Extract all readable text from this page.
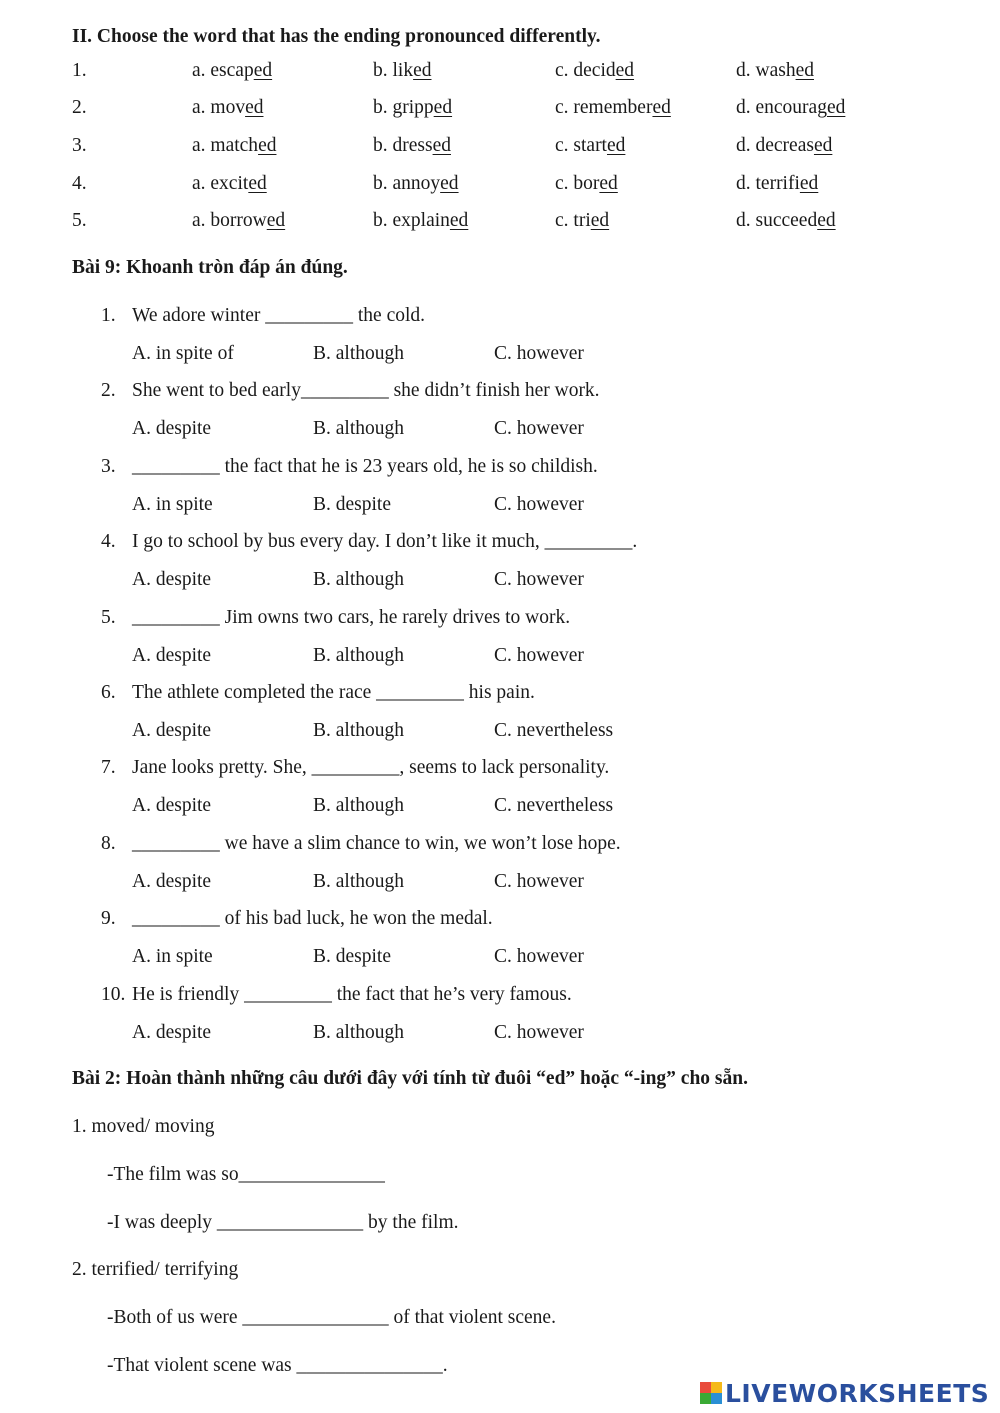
II. Choose the word that has the ending pronounced differently.
1.	a. escaped	b. liked	c. decided	d. washed
2.	a. moved	b. gripped	c. remembered	d. encouraged
3.	a. matched	b. dressed	c. started	d. decreased
4.	a. excited	b. annoyed	c. bored	d. terrified
5.	a. borrowed	b. explained	c. tried	d. succeeded
Bài 9: Khoanh tròn đáp án đúng.
1. We adore winter _________ the cold.
A. in spite of	B. although	C. however
2. She went to bed early_________ she didn’t finish her work.
A. despite	B. although	C. however
3. _________ the fact that he is 23 years old, he is so childish.
A. in spite	B. despite	C. however
4. I go to school by bus every day. I don’t like it much, _________.
A. despite	B. although	C. however
5. _________ Jim owns two cars, he rarely drives to work.
A. despite	B. although	C. however
6. The athlete completed the race _________ his pain.
A. despite	B. although	C. nevertheless
7. Jane looks pretty. She, _________, seems to lack personality.
A. despite	B. although	C. nevertheless
8. _________ we have a slim chance to win, we won’t lose hope.
A. despite	B. although	C. however
9. _________ of his bad luck, he won the medal.
A. in spite	B. despite	C. however
10. He is friendly _________ the fact that he’s very famous.
A. despite	B. although	C. however
Bài 2: Hoàn thành những câu dưới đây với tính từ đuôi “ed” hoặc “-ing” cho sẵn.
1. moved/ moving
-The film was so_______________
-I was deeply _______________ by the film.
2. terrified/ terrifying
-Both of us were _______________ of that violent scene.
-That violent scene was _______________.
LIVEWORKSHEETS
